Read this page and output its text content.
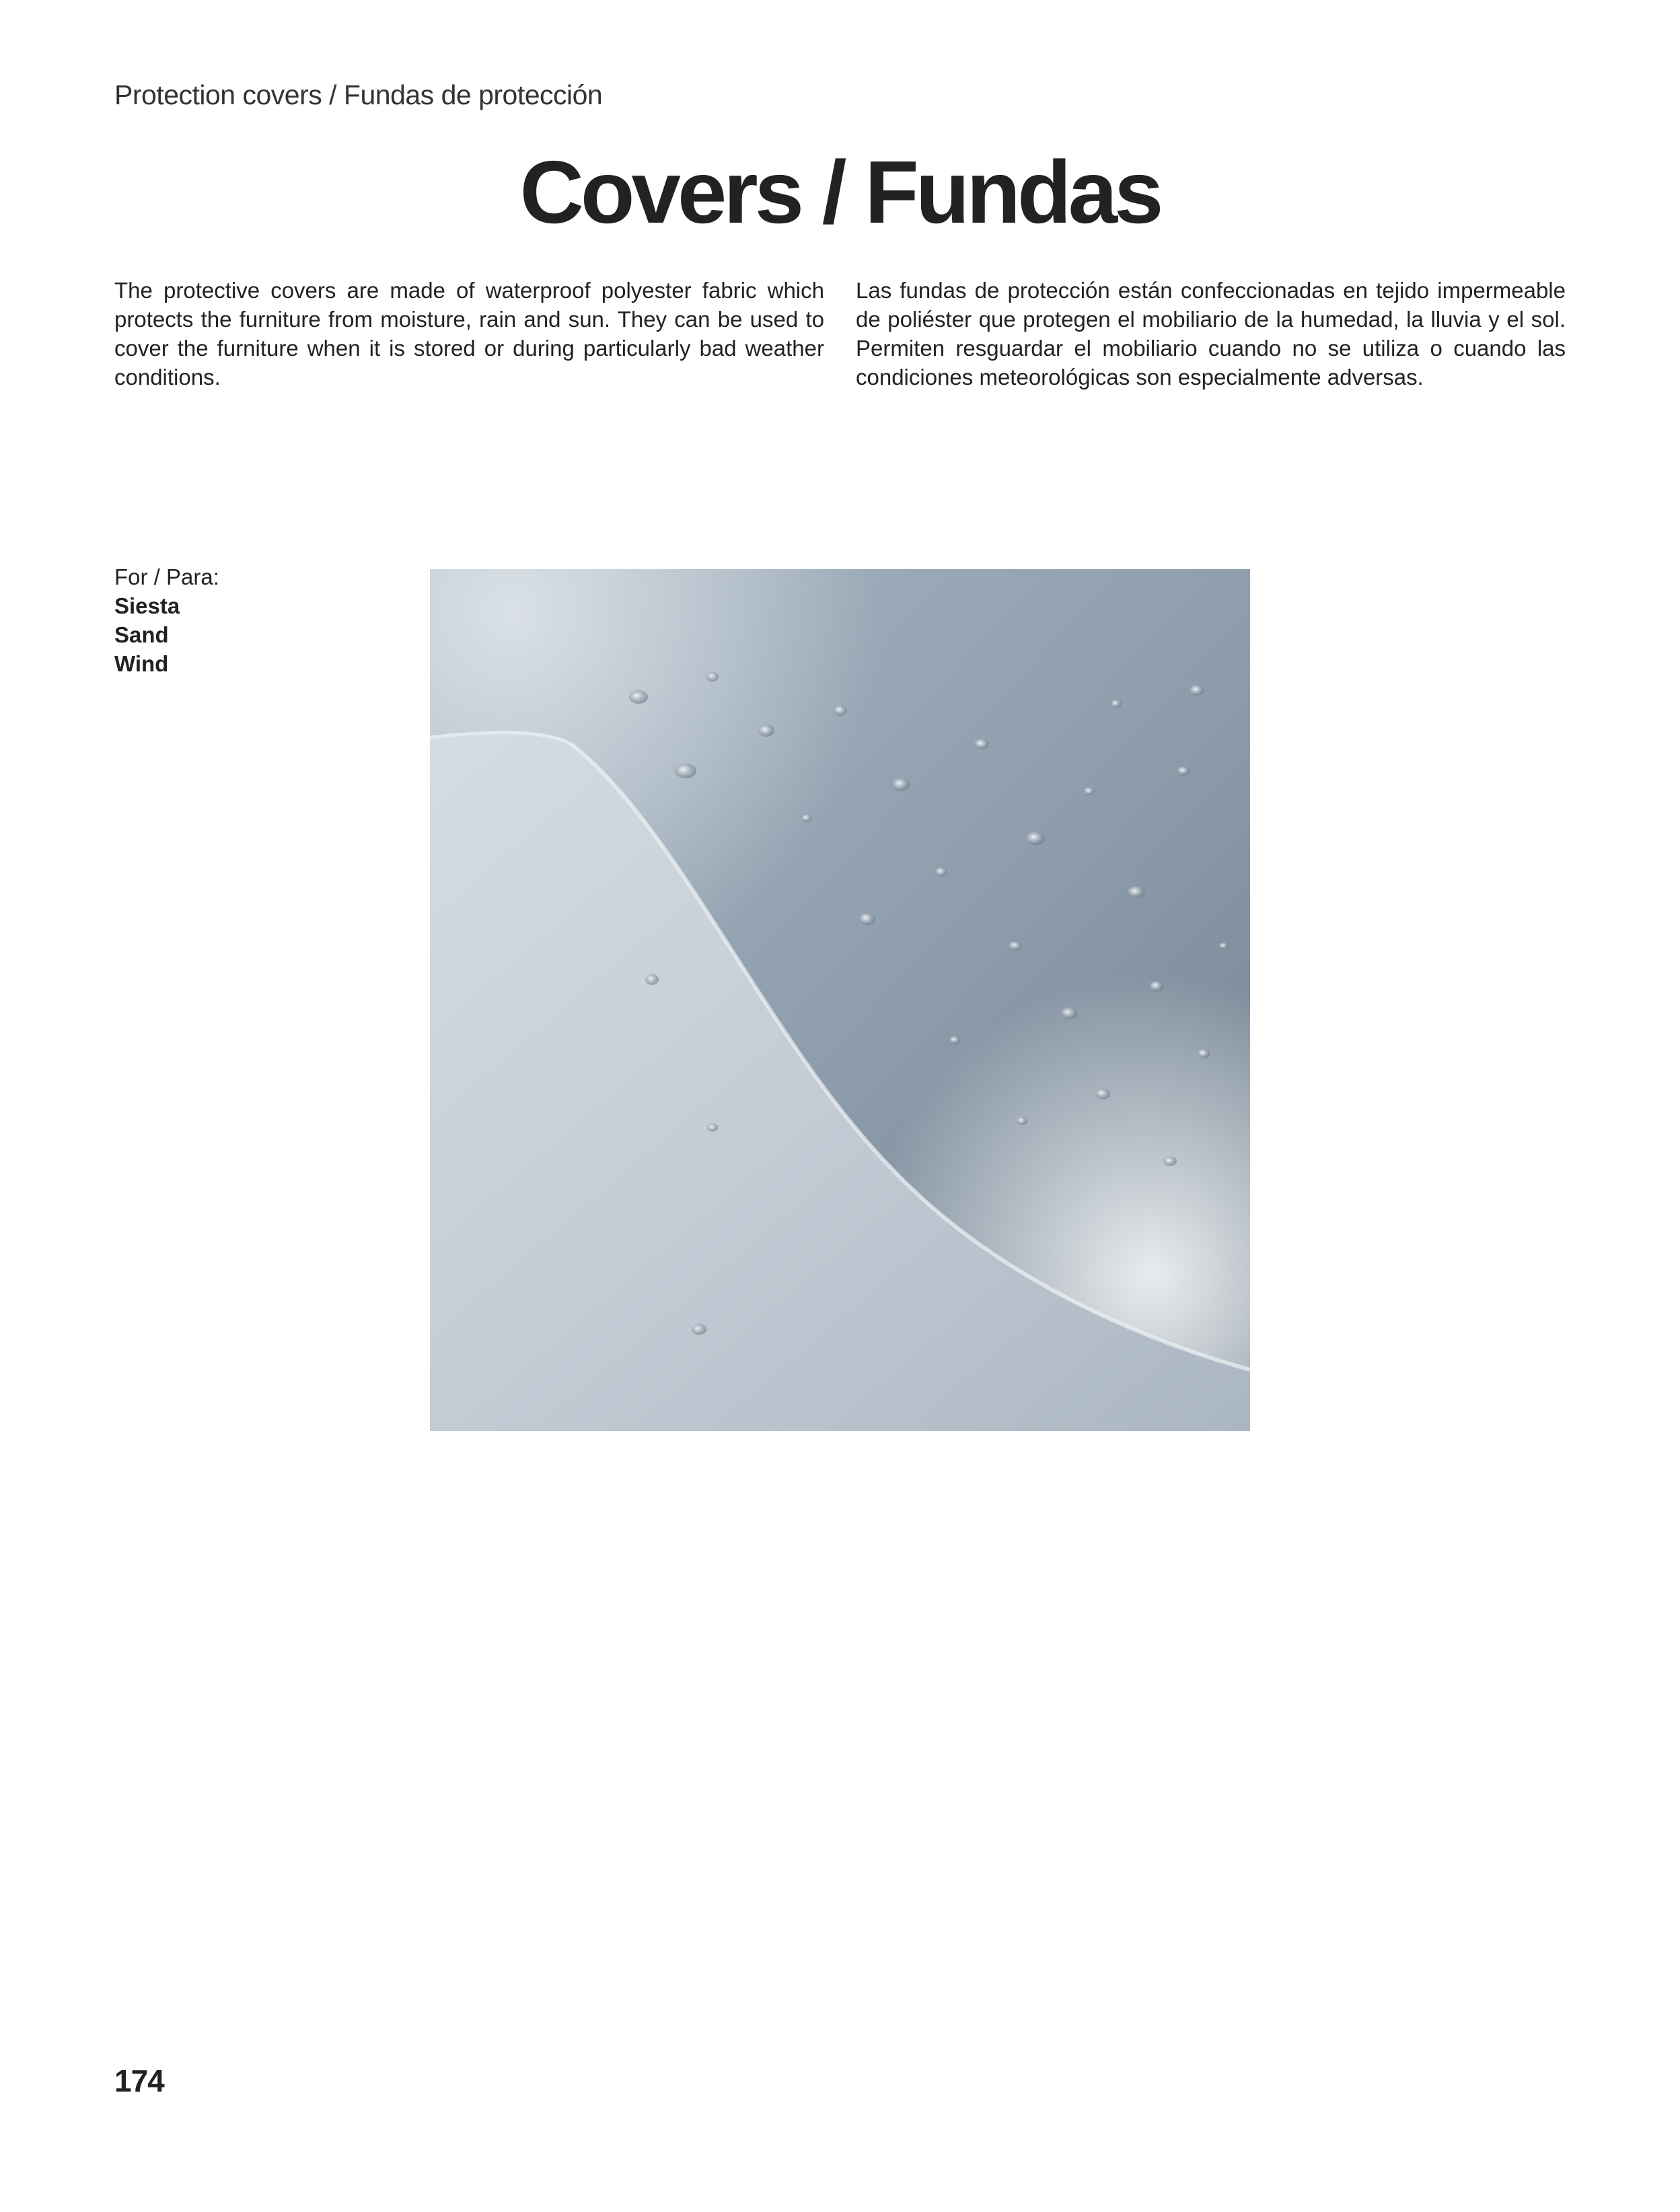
Protection covers / Fundas de protección
Covers / Fundas

The protective covers are made of waterproof polyester fabric which protects the furniture from moisture, rain and sun. They can be used to cover the furniture when it is stored or during particularly bad weather conditions.

Las fundas de protección están confeccionadas en tejido impermeable de poliéster que protegen el mobiliario de la humedad, la lluvia y el sol. Permiten resguardar el mobiliario cuando no se utiliza o cuando las condiciones meteorológicas son especialmente adversas.

For / Para:
Siesta
Sand
Wind
174
